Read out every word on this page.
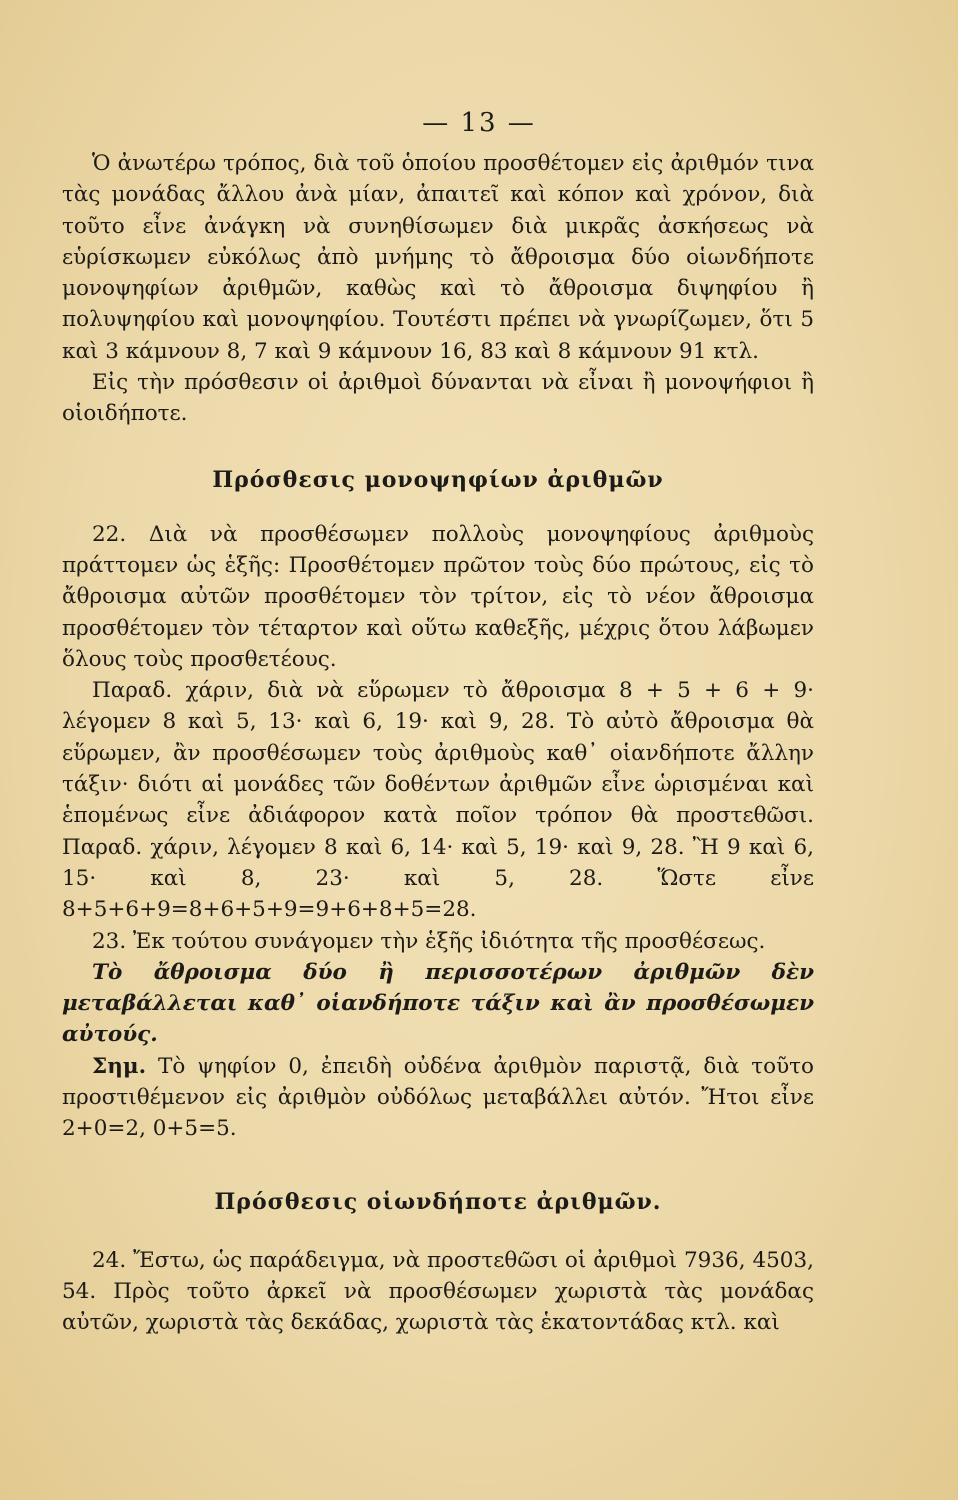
— 13 —

Ὁ ἀνωτέρω τρόπος, διὰ τοῦ ὁποίου προσθέτομεν εἰς ἀριθμόν τινα τὰς μονάδας ἄλλου ἀνὰ μίαν, ἀπαιτεῖ καὶ κόπον καὶ χρόνον, διὰ τοῦτο εἶνε ἀνάγκη νὰ συνηθίσωμεν διὰ μικρᾶς ἀσκήσεως νὰ εὑρίσκωμεν εὐκόλως ἀπὸ μνήμης τὸ ἄθροισμα δύο οἱωνδήποτε μονοψηφίων ἀριθμῶν, καθὼς καὶ τὸ ἄθροισμα διψηφίου ἢ πολυψηφίου καὶ μονοψηφίου. Τουτέστι πρέπει νὰ γνωρίζωμεν, ὅτι 5 καὶ 3 κάμνουν 8, 7 καὶ 9 κάμνουν 16, 83 καὶ 8 κάμνουν 91 κτλ.

Εἰς τὴν πρόσθεσιν οἱ ἀριθμοὶ δύνανται νὰ εἶναι ἢ μονοψήφιοι ἢ οἱοιδήποτε.

Πρόσθεσις μονοψηφίων ἀριθμῶν

22. Διὰ νὰ προσθέσωμεν πολλοὺς μονοψηφίους ἀριθμοὺς πράττομεν ὡς ἑξῆς: Προσθέτομεν πρῶτον τοὺς δύο πρώτους, εἰς τὸ ἄθροισμα αὐτῶν προσθέτομεν τὸν τρίτον, εἰς τὸ νέον ἄθροισμα προσθέτομεν τὸν τέταρτον καὶ οὕτω καθεξῆς, μέχρις ὅτου λάβωμεν ὅλους τοὺς προσθετέους.

Παραδ. χάριν, διὰ νὰ εὕρωμεν τὸ ἄθροισμα 8 + 5 + 6 + 9· λέγομεν 8 καὶ 5, 13· καὶ 6, 19· καὶ 9, 28. Τὸ αὐτὸ ἄθροισμα θὰ εὕρωμεν, ἂν προσθέσωμεν τοὺς ἀριθμοὺς καθ᾽ οἱανδήποτε ἄλλην τάξιν· διότι αἱ μονάδες τῶν δοθέντων ἀριθμῶν εἶνε ὡρισμέναι καὶ ἑπομένως εἶνε ἀδιάφορον κατὰ ποῖον τρόπον θὰ προστεθῶσι. Παραδ. χάριν, λέγομεν 8 καὶ 6, 14· καὶ 5, 19· καὶ 9, 28. Ἢ 9 καὶ 6, 15· καὶ 8, 23· καὶ 5, 28. Ὥστε εἶνε 8+5+6+9=8+6+5+9=9+6+8+5=28.

23. Ἐκ τούτου συνάγομεν τὴν ἑξῆς ἰδιότητα τῆς προσθέσεως.

Τὸ ἄθροισμα δύο ἢ περισσοτέρων ἀριθμῶν δὲν μεταβάλλεται καθ᾽ οἱανδήποτε τάξιν καὶ ἂν προσθέσωμεν αὐτούς.

Σημ. Τὸ ψηφίον 0, ἐπειδὴ οὐδένα ἀριθμὸν παριστᾷ, διὰ τοῦτο προστιθέμενον εἰς ἀριθμὸν οὐδόλως μεταβάλλει αὐτόν. Ἤτοι εἶνε 2+0=2, 0+5=5.

Πρόσθεσις οἱωνδήποτε ἀριθμῶν.

24. Ἔστω, ὡς παράδειγμα, νὰ προστεθῶσι οἱ ἀριθμοὶ 7936, 4503, 54. Πρὸς τοῦτο ἀρκεῖ νὰ προσθέσωμεν χωριστὰ τὰς μονάδας αὐτῶν, χωριστὰ τὰς δεκάδας, χωριστὰ τὰς ἑκατοντάδας κτλ. καὶ
